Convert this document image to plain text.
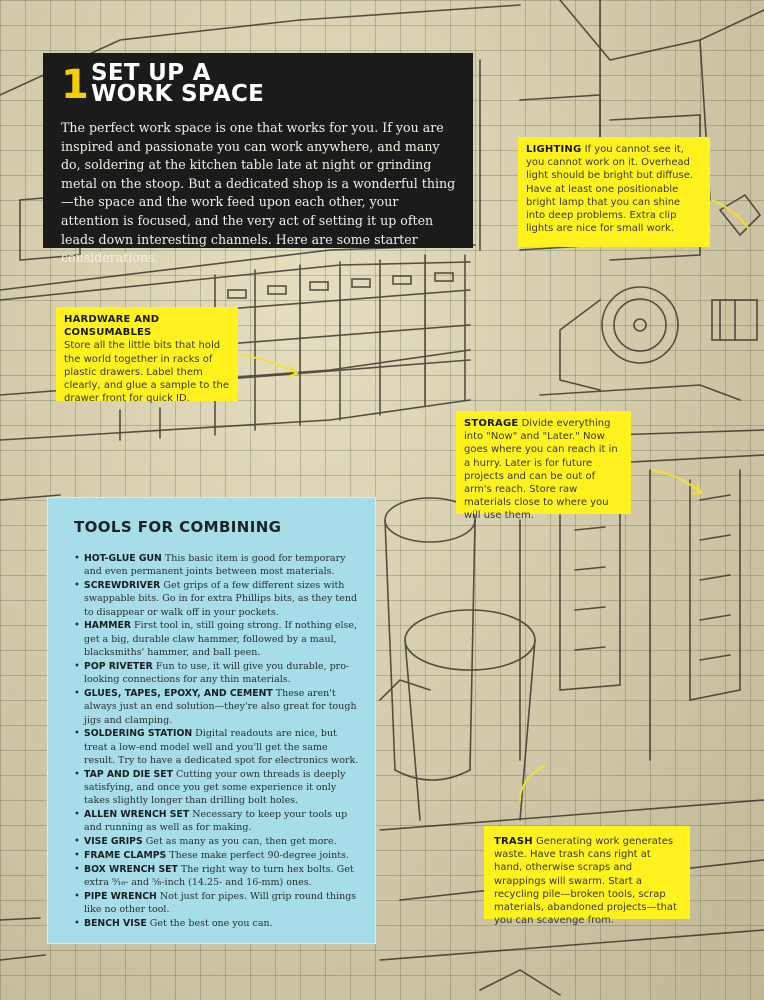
1 SET UP A WORK SPACE

The perfect work space is one that works for you. If you are inspired and passionate you can work anywhere, and many do, soldering at the kitchen table late at night or grinding metal on the stoop. But a dedicated shop is a wonderful thing—the space and the work feed upon each other, your attention is focused, and the very act of setting it up often leads down interesting channels. Here are some starter considerations.

LIGHTING If you cannot see it, you cannot work on it. Overhead light should be bright but diffuse. Have at least one positionable bright lamp that you can shine into deep problems. Extra clip lights are nice for small work.
HARDWARE AND CONSUMABLES
Store all the little bits that hold the world together in racks of plastic drawers. Label them clearly, and glue a sample to the drawer front for quick ID.
STORAGE Divide everything into "Now" and "Later." Now goes where you can reach it in a hurry. Later is for future projects and can be out of arm's reach. Store raw materials close to where you will use them.
TRASH Generating work generates waste. Have trash cans right at hand, otherwise scraps and wrappings will swarm. Start a recycling pile—broken tools, scrap materials, abandoned projects—that you can scavenge from.
TOOLS FOR COMBINING
• HOT-GLUE GUN This basic item is good for temporary and even permanent joints between most materials.
• SCREWDRIVER Get grips of a few different sizes with swappable bits. Go in for extra Phillips bits, as they tend to disappear or walk off in your pockets.
• HAMMER First tool in, still going strong. If nothing else, get a big, durable claw hammer, followed by a maul, blacksmiths' hammer, and ball peen.
• POP RIVETER Fun to use, it will give you durable, pro-looking connections for any thin materials.
• GLUES, TAPES, EPOXY, AND CEMENT These aren't always just an end solution—they're also great for tough jigs and clamping.
• SOLDERING STATION Digital readouts are nice, but treat a low-end model well and you'll get the same result. Try to have a dedicated spot for electronics work.
• TAP AND DIE SET Cutting your own threads is deeply satisfying, and once you get some experience it only takes slightly longer than drilling bolt holes.
• ALLEN WRENCH SET Necessary to keep your tools up and running as well as for making.
• VISE GRIPS Get as many as you can, then get more.
• FRAME CLAMPS These make perfect 90-degree joints.
• BOX WRENCH SET The right way to turn hex bolts. Get extra ⁹⁄₁₆- and ⁵⁄₈-inch (14.25- and 16-mm) ones.
• PIPE WRENCH Not just for pipes. Will grip round things like no other tool.
• BENCH VISE Get the best one you can.
